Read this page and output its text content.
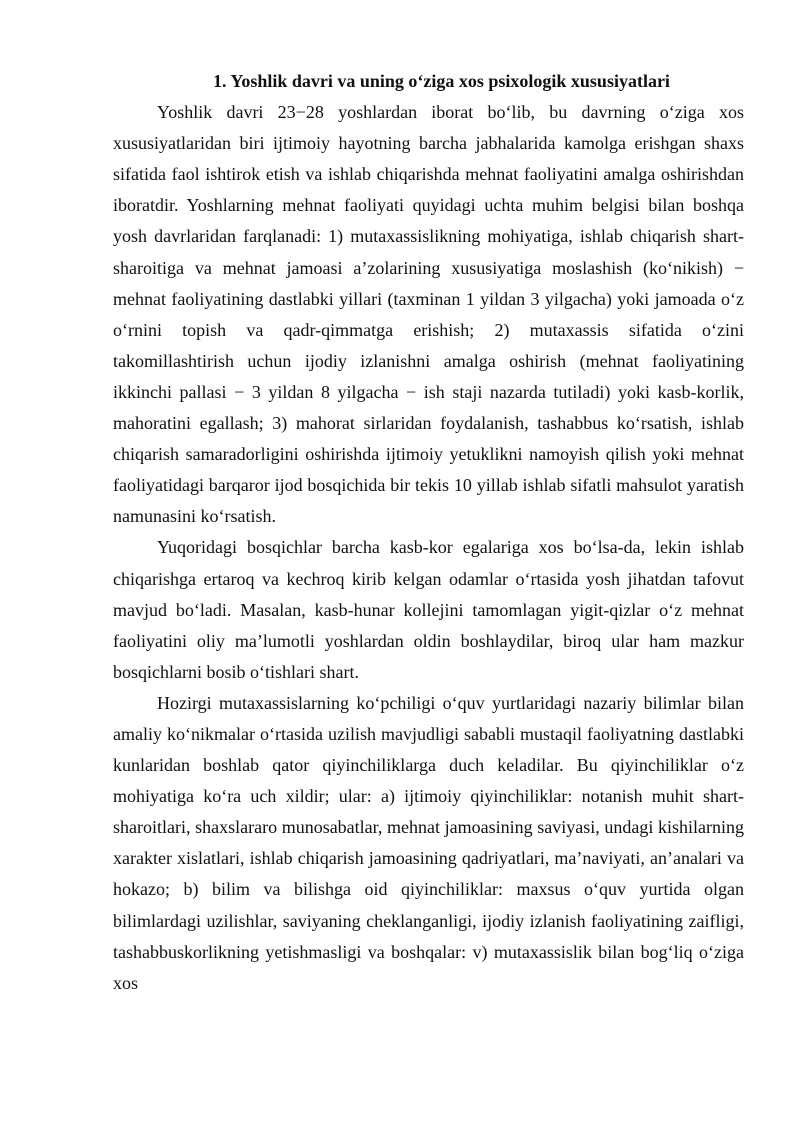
1. Yoshlik davri va uning o‘ziga xos psixologik xususiyatlari

Yoshlik davri 23−28 yoshlardan iborat bo‘lib, bu davrning o‘ziga xos xususiyatlaridan biri ijtimoiy hayotning barcha jabhalarida kamolga erishgan shaxs sifatida faol ishtirok etish va ishlab chiqarishda mehnat faoliyatini amalga oshirishdan iboratdir. Yoshlarning mehnat faoliyati quyidagi uchta muhim belgisi bilan boshqa yosh davrlaridan farqlanadi: 1) mutaxassislikning mohiyatiga, ishlab chiqarish shart-sharoitiga va mehnat jamoasi a’zolarining xususiyatiga moslashish (ko‘nikish) − mehnat faoliyatining dastlabki yillari (taxminan 1 yildan 3 yilgacha) yoki jamoada o‘z o‘rnini topish va qadr-qimmatga erishish; 2) mutaxassis sifatida o‘zini takomillashtirish uchun ijodiy izlanishni amalga oshirish (mehnat faoliyatining ikkinchi pallasi − 3 yildan 8 yilgacha − ish staji nazarda tutiladi) yoki kasb-korlik, mahoratini egallash; 3) mahorat sirlaridan foydalanish, tashabbus ko‘rsatish, ishlab chiqarish samaradorligini oshirishda ijtimoiy yetuklikni namoyish qilish yoki mehnat faoliyatidagi barqaror ijod bosqichida bir tekis 10 yillab ishlab sifatli mahsulot yaratish namunasini ko‘rsatish.

Yuqoridagi bosqichlar barcha kasb-kor egalariga xos bo‘lsa-da, lekin ishlab chiqarishga ertaroq va kechroq kirib kelgan odamlar o‘rtasida yosh jihatdan tafovut mavjud bo‘ladi. Masalan, kasb-hunar kollejini tamomlagan yigit-qizlar o‘z mehnat faoliyatini oliy ma’lumotli yoshlardan oldin boshlaydilar, biroq ular ham mazkur bosqichlarni bosib o‘tishlari shart.

Hozirgi mutaxassislarning ko‘pchiligi o‘quv yurtlaridagi nazariy bilimlar bilan amaliy ko‘nikmalar o‘rtasida uzilish mavjudligi sababli mustaqil faoliyatning dastlabki kunlaridan boshlab qator qiyinchiliklarga duch keladilar. Bu qiyinchiliklar o‘z mohiyatiga ko‘ra uch xildir; ular: a) ijtimoiy qiyinchiliklar: notanish muhit shart-sharoitlari, shaxslararo munosabatlar, mehnat jamoasining saviyasi, undagi kishilarning xarakter xislatlari, ishlab chiqarish jamoasining qadriyatlari, ma’naviyati, an’analari va hokazo; b) bilim va bilishga oid qiyinchiliklar: maxsus o‘quv yurtida olgan bilimlardagi uzilishlar, saviyaning cheklanganligi, ijodiy izlanish faoliyatining zaifligi, tashabbuskorlikning yetishmasligi va boshqalar: v) mutaxassislik bilan bog‘liq o‘ziga xos
